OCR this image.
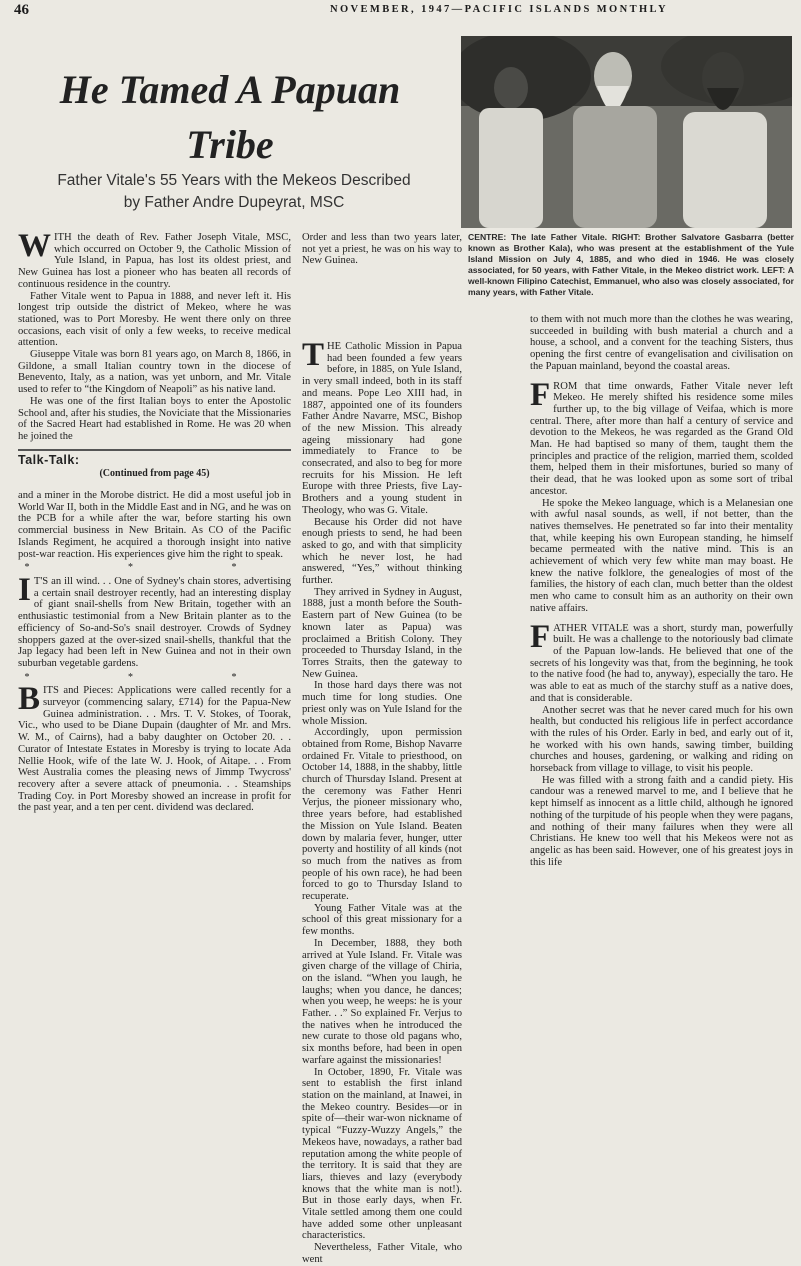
46	NOVEMBER, 1947—PACIFIC ISLANDS MONTHLY
He Tamed A Papuan
Tribe
Father Vitale's 55 Years with the Mekeos Described
by Father Andre Dupeyrat, MSC
CENTRE: The late Father Vitale. RIGHT: Brother Salvatore Gasbarra (better known as Brother Kala), who was present at the establishment of the Yule Island Mission on July 4, 1885, and who died in 1946. He was closely associated, for 50 years, with Father Vitale, in the Mekeo district work. LEFT: A well-known Filipino Catechist, Emmanuel, who also was closely associated, for many years, with Father Vitale.

WITH the death of Rev. Father Joseph Vitale, MSC, which occurred on October 9, the Catholic Mission of Yule Island, in Papua, has lost its oldest priest, and New Guinea has lost a pioneer who has beaten all records of continuous residence in the country.

Father Vitale went to Papua in 1888, and never left it. His longest trip outside the district of Mekeo, where he was stationed, was to Port Moresby. He went there only on three occasions, each visit of only a few weeks, to receive medical attention.

Giuseppe Vitale was born 81 years ago, on March 8, 1866, in Gildone, a small Italian country town in the diocese of Benevento, Italy, as a nation, was yet unborn, and Mr. Vitale used to refer to “the Kingdom of Neapoli” as his native land.

He was one of the first Italian boys to enter the Apostolic School and, after his studies, the Noviciate that the Missionaries of the Sacred Heart had established in Rome. He was 20 when he joined the

Talk-Talk:
(Continued from page 45)

and a miner in the Morobe district. He did a most useful job in World War II, both in the Middle East and in NG, and he was on the PCB for a while after the war, before starting his own commercial business in New Britain. As CO of the Pacific Islands Regiment, he acquired a thorough insight into native post-war reaction. His experiences give him the right to speak.

* * *

I T'S an ill wind. . . One of Sydney's chain stores, advertising a certain snail destroyer recently, had an interesting display of giant snail-shells from New Britain, together with an enthusiastic testimonial from a New Britain planter as to the efficiency of So-and-So's snail destroyer. Crowds of Sydney shoppers gazed at the over-sized snail-shells, thankful that the Jap legacy had been left in New Guinea and not in their own suburban vegetable gardens.

* * *

BITS and Pieces: Applications were called recently for a surveyor (commencing salary, £714) for the Papua-New Guinea administration. . . Mrs. T. V. Stokes, of Toorak, Vic., who used to be Diane Dupain (daughter of Mr. and Mrs. W. M., of Cairns), had a baby daughter on October 20. . . Curator of Intestate Estates in Moresby is trying to locate Ada Nellie Hook, wife of the late W. J. Hook, of Aitape. . . From West Australia comes the pleasing news of Jimmp Twycross' recovery after a severe attack of pneumonia. . . Steamships Trading Coy. in Port Moresby showed an increase in profit for the past year, and a ten per cent. dividend was declared.

Order and less than two years later, not yet a priest, he was on his way to New Guinea.

THE Catholic Mission in Papua had been founded a few years before, in 1885, on Yule Island, in very small indeed, both in its staff and means. Pope Leo XIII had, in 1887, appointed one of its founders Father Andre Navarre, MSC, Bishop of the new Mission. This already ageing missionary had gone immediately to France to be consecrated, and also to beg for more recruits for his Mission. He left Europe with three Priests, five Lay-Brothers and a young student in Theology, who was G. Vitale.

Because his Order did not have enough priests to send, he had been asked to go, and with that simplicity which he never lost, he had answered, “Yes,” without thinking further.

They arrived in Sydney in August, 1888, just a month before the South-Eastern part of New Guinea (to be known later as Papua) was proclaimed a British Colony. They proceeded to Thursday Island, in the Torres Straits, then the gateway to New Guinea.

In those hard days there was not much time for long studies. One priest only was on Yule Island for the whole Mission.

Accordingly, upon permission obtained from Rome, Bishop Navarre ordained Fr. Vitale to priesthood, on October 14, 1888, in the shabby, little church of Thursday Island. Present at the ceremony was Father Henri Verjus, the pioneer missionary who, three years before, had established the Mission on Yule Island. Beaten down by malaria fever, hunger, utter poverty and hostility of all kinds (not so much from the natives as from people of his own race), he had been forced to go to Thursday Island to recuperate.

Young Father Vitale was at the school of this great missionary for a few months.

In December, 1888, they both arrived at Yule Island. Fr. Vitale was given charge of the village of Chiria, on the island. “When you laugh, he laughs; when you dance, he dances; when you weep, he weeps: he is your Father. . .” So explained Fr. Verjus to the natives when he introduced the new curate to those old pagans who, six months before, had been in open warfare against the missionaries!

In October, 1890, Fr. Vitale was sent to establish the first inland station on the mainland, at Inawei, in the Mekeo country. Besides—or in spite of—their war-won nickname of typical “Fuzzy-Wuzzy Angels,” the Mekeos have, nowadays, a rather bad reputation among the white people of the territory. It is said that they are liars, thieves and lazy (everybody knows that the white man is not!). But in those early days, when Fr. Vitale settled among them one could have added some other unpleasant characteristics.

Nevertheless, Father Vitale, who went

to them with not much more than the clothes he was wearing, succeeded in building with bush material a church and a house, a school, and a convent for the teaching Sisters, thus opening the first centre of evangelisation and civilisation on the Papuan mainland, beyond the coastal areas.

FROM that time onwards, Father Vitale never left Mekeo. He merely shifted his residence some miles further up, to the big village of Veifaa, which is more central. There, after more than half a century of service and devotion to the Mekeos, he was regarded as the Grand Old Man. He had baptised so many of them, taught them the principles and practice of the religion, married them, scolded them, helped them in their misfortunes, buried so many of their dead, that he was looked upon as some sort of tribal ancestor.

He spoke the Mekeo language, which is a Melanesian one with awful nasal sounds, as well, if not better, than the natives themselves. He penetrated so far into their mentality that, while keeping his own European standing, he himself became permeated with the native mind. This is an achievement of which very few white man may boast. He knew the native folklore, the genealogies of most of the families, the history of each clan, much better than the oldest men who came to consult him as an authority on their own native affairs.

FATHER VITALE was a short, sturdy man, powerfully built. He was a challenge to the notoriously bad climate of the Papuan low-lands. He believed that one of the secrets of his longevity was that, from the beginning, he took to the native food (he had to, anyway), especially the taro. He was able to eat as much of the starchy stuff as a native does, and that is considerable.

Another secret was that he never cared much for his own health, but conducted his religious life in perfect accordance with the rules of his Order. Early in bed, and early out of it, he worked with his own hands, sawing timber, building churches and houses, gardening, or walking and riding on horseback from village to village, to visit his people.

He was filled with a strong faith and a candid piety. His candour was a renewed marvel to me, and I believe that he kept himself as innocent as a little child, although he ignored nothing of the turpitude of his people when they were pagans, and nothing of their many failures when they were all Christians. He knew too well that his Mekeos were not as angelic as has been said. However, one of his greatest joys in this life
